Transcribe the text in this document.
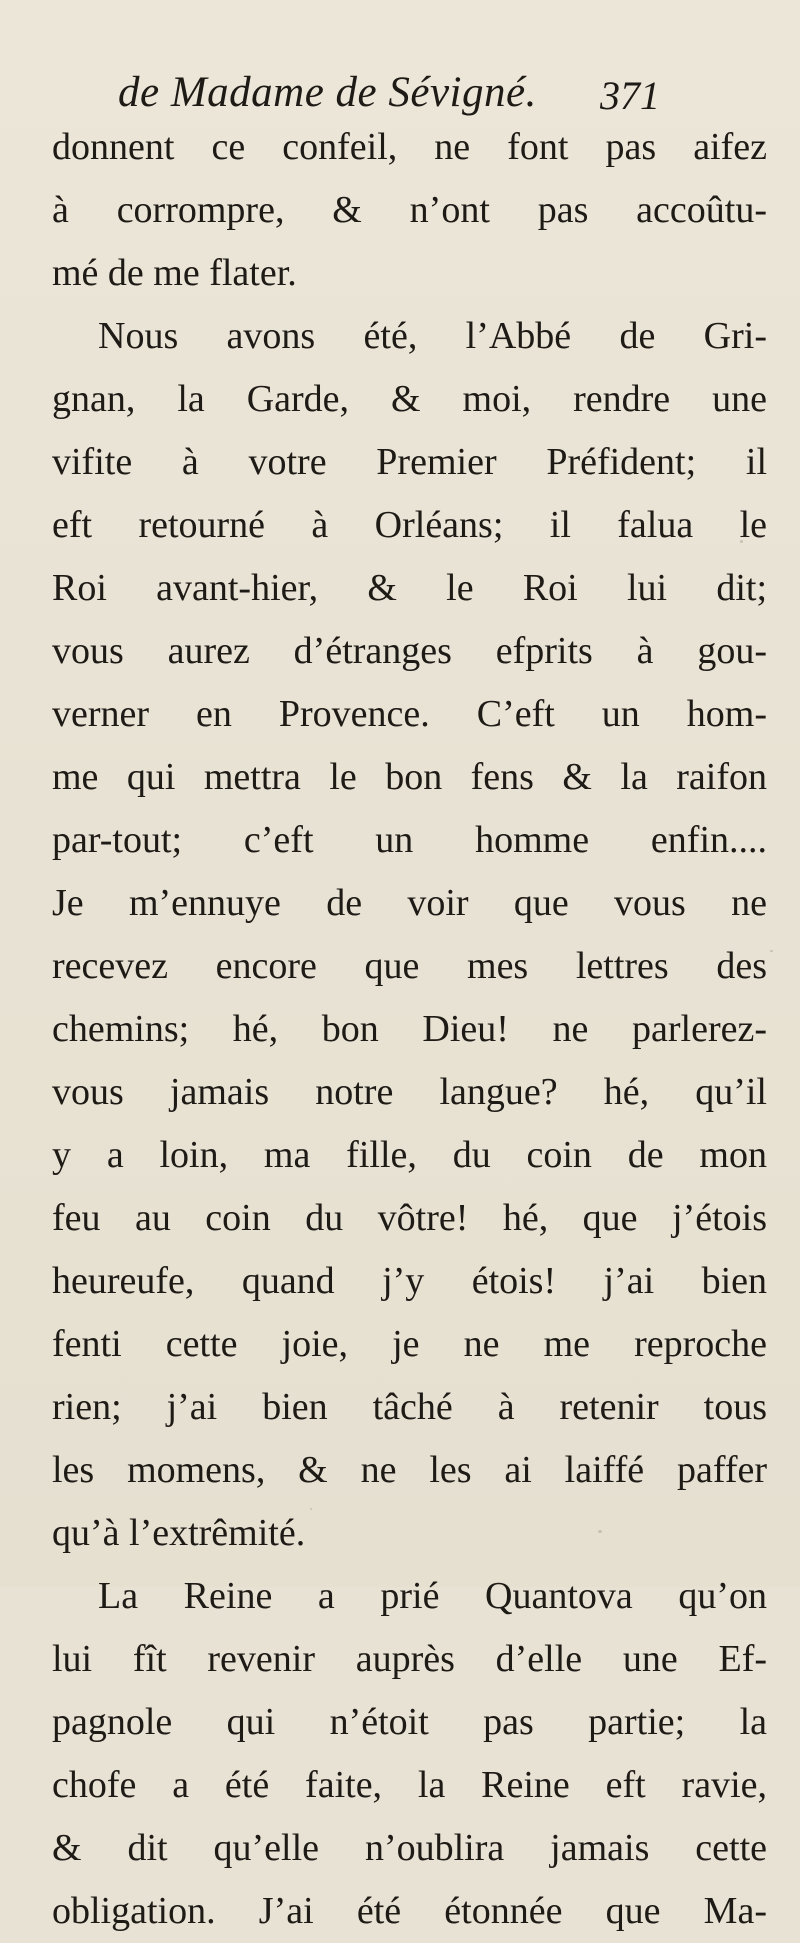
de Madame de Sévigné. 371
donnent ce confeil, ne font pas aifez
à corrompre, & n’ont pas accoûtu-
mé de me flater.
Nous avons été, l’Abbé de Gri-
gnan, la Garde, & moi, rendre une
vifite à votre Premier Préfident; il
eft retourné à Orléans; il falua le
Roi avant-hier, & le Roi lui dit;
vous aurez d’étranges efprits à gou-
verner en Provence. C’eft un hom-
me qui mettra le bon fens & la raifon
par-tout; c’eft un homme enfin....
Je m’ennuye de voir que vous ne
recevez encore que mes lettres des
chemins; hé, bon Dieu! ne parlerez-
vous jamais notre langue? hé, qu’il
y a loin, ma fille, du coin de mon
feu au coin du vôtre! hé, que j’étois
heureufe, quand j’y étois! j’ai bien
fenti cette joie, je ne me reproche
rien; j’ai bien tâché à retenir tous
les momens, & ne les ai laiffé paffer
qu’à l’extrêmité.
La Reine a prié Quantova qu’on
lui fît revenir auprès d’elle une Ef-
pagnole qui n’étoit pas partie; la
chofe a été faite, la Reine eft ravie,
& dit qu’elle n’oublira jamais cette
obligation. J’ai été étonnée que Ma-
